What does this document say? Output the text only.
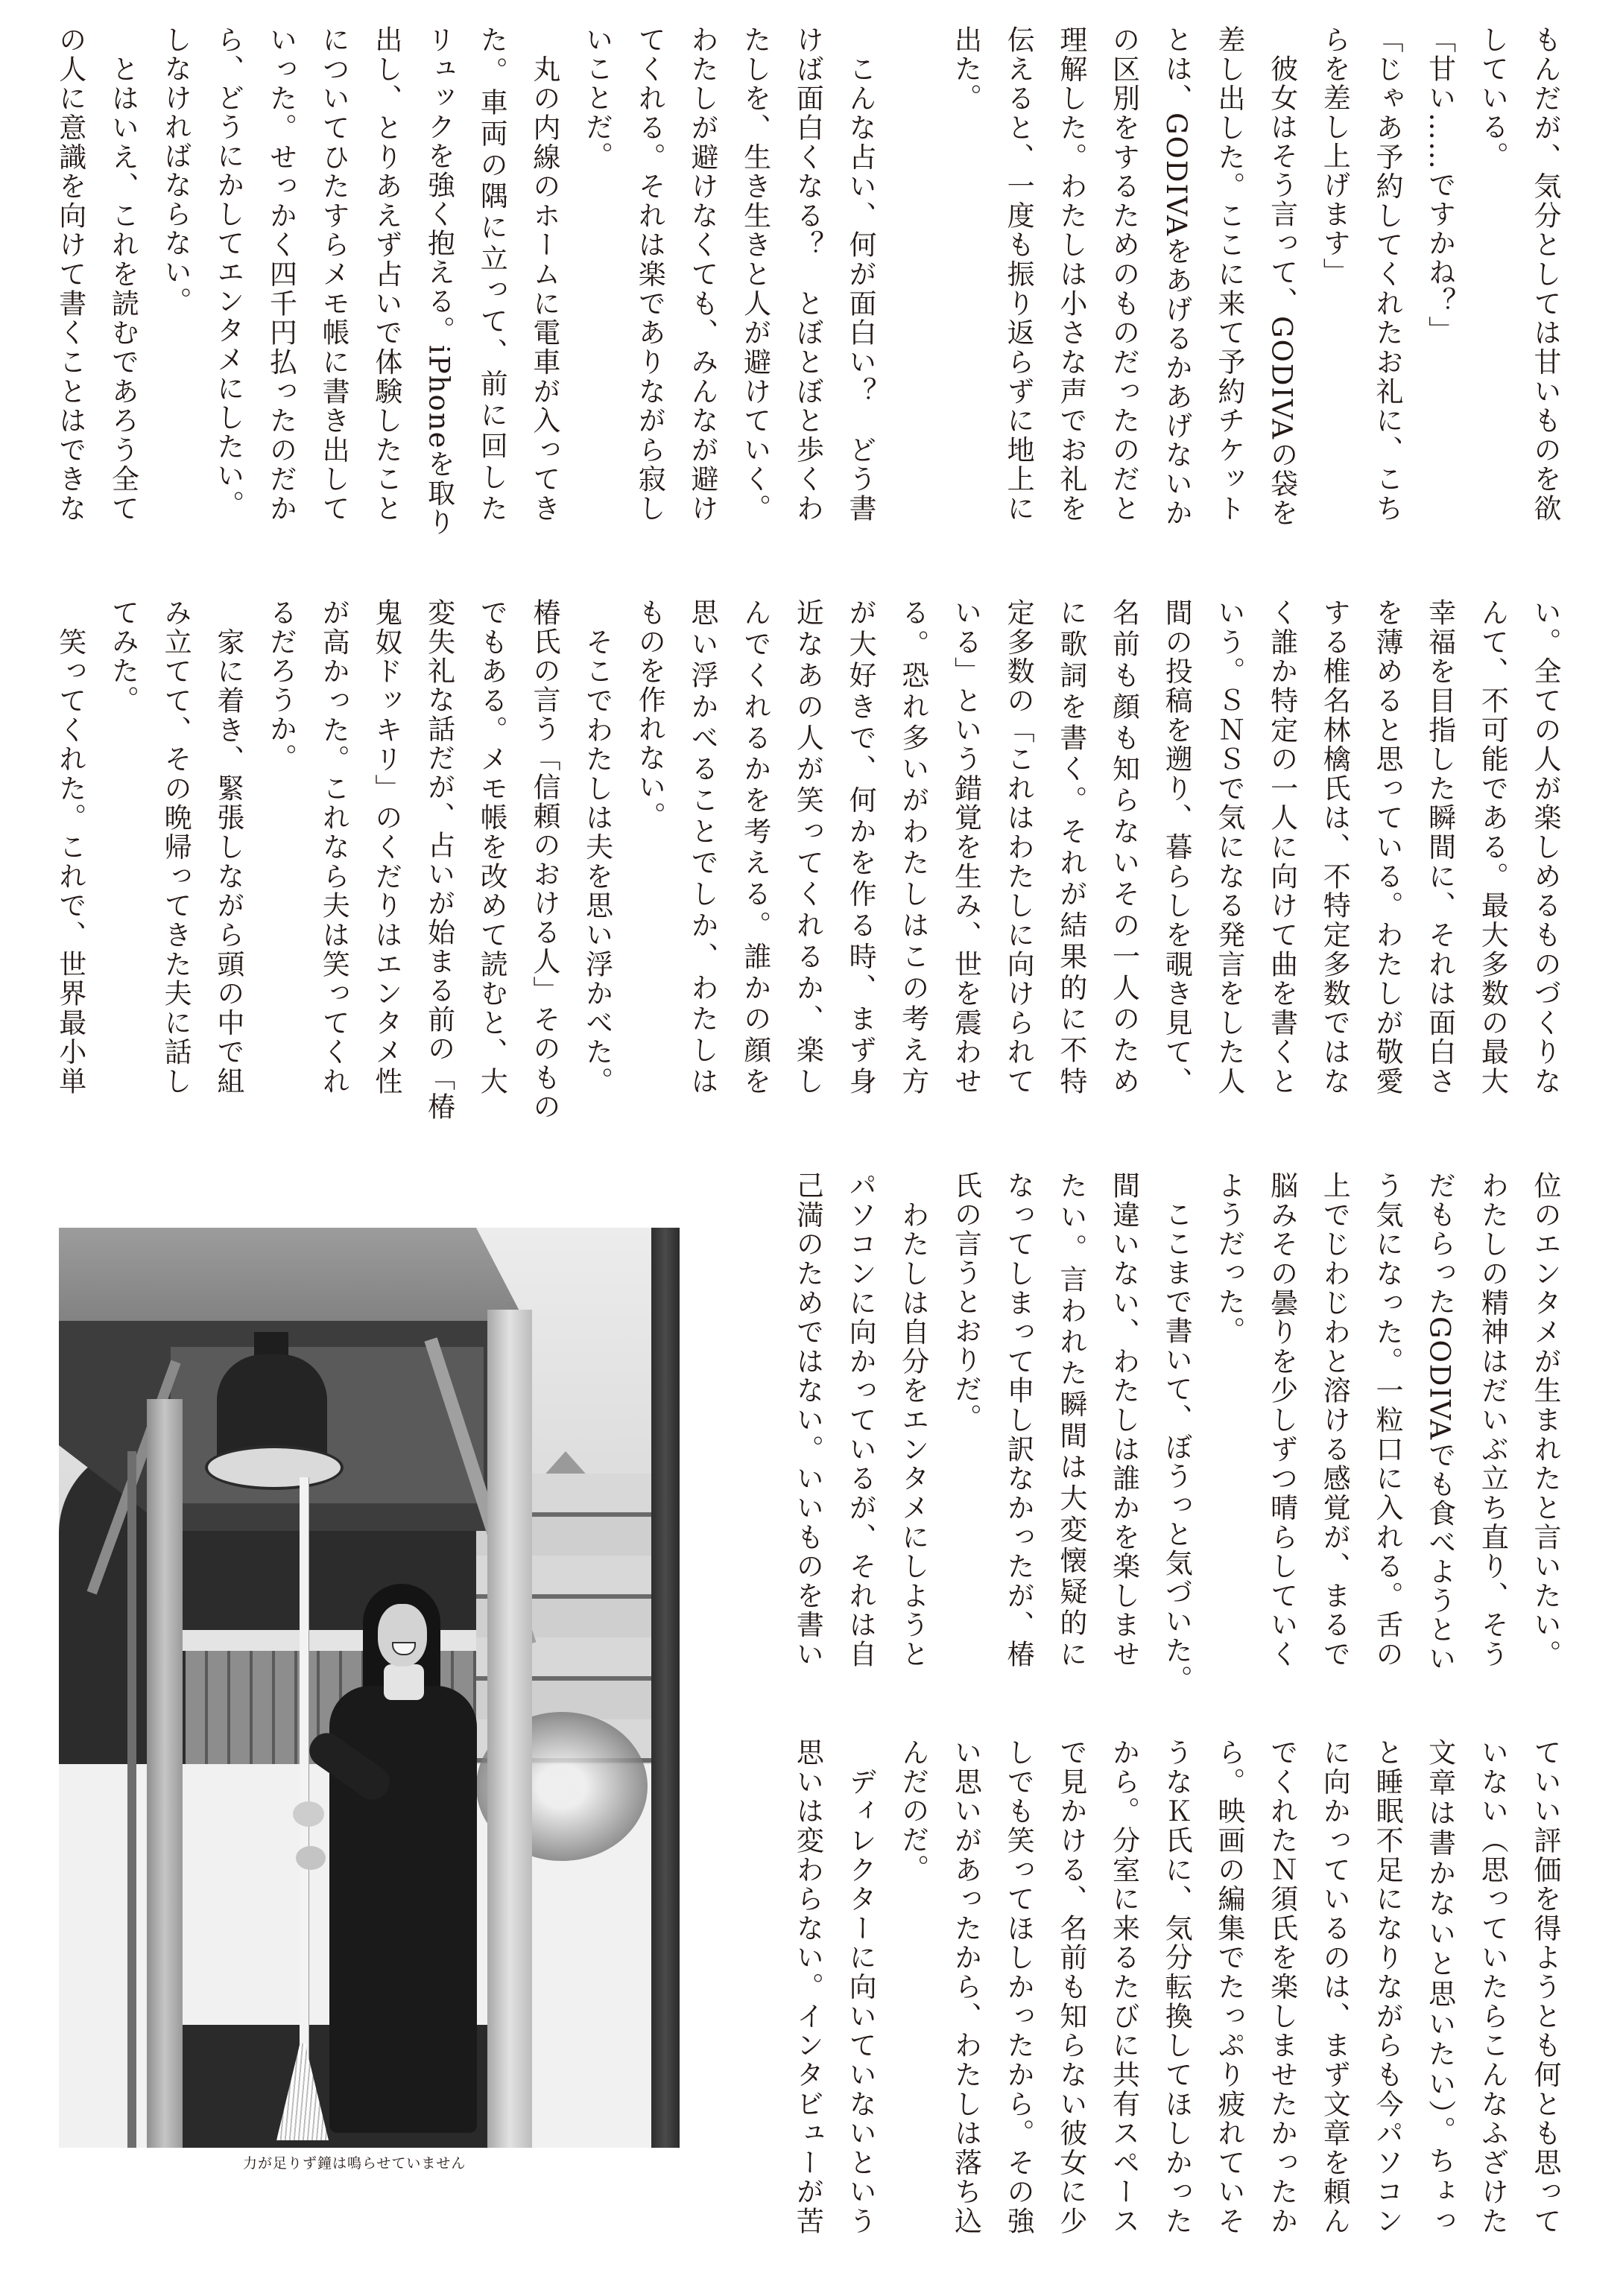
もんだが、気分としては甘いものを欲
している。
「甘い……ですかね？」
「じゃあ予約してくれたお礼に、こち
らを差し上げます」
　彼女はそう言って、GODIVAの袋を
差し出した。ここに来て予約チケット
とは、GODIVAをあげるかあげないか
の区別をするためのものだったのだと
理解した。わたしは小さな声でお礼を
伝えると、一度も振り返らずに地上に
出た。
　こんな占い、何が面白い？　どう書
けば面白くなる？　とぼとぼと歩くわ
たしを、生き生きと人が避けていく。
わたしが避けなくても、みんなが避け
てくれる。それは楽でありながら寂し
いことだ。
　丸の内線のホームに電車が入ってき
た。車両の隅に立って、前に回した
リュックを強く抱える。iPhoneを取り
出し、とりあえず占いで体験したこと
についてひたすらメモ帳に書き出して
いった。せっかく四千円払ったのだか
ら、どうにかしてエンタメにしたい。
しなければならない。
　とはいえ、これを読むであろう全て
の人に意識を向けて書くことはできな
い。全ての人が楽しめるものづくりな
んて、不可能である。最大多数の最大
幸福を目指した瞬間に、それは面白さ
を薄めると思っている。わたしが敬愛
する椎名林檎氏は、不特定多数ではな
く誰か特定の一人に向けて曲を書くと
いう。ＳＮＳで気になる発言をした人
間の投稿を遡り、暮らしを覗き見て、
名前も顔も知らないその一人のため
に歌詞を書く。それが結果的に不特
定多数の「これはわたしに向けられて
いる」という錯覚を生み、世を震わせ
る。恐れ多いがわたしはこの考え方
が大好きで、何かを作る時、まず身
近なあの人が笑ってくれるか、楽し
んでくれるかを考える。誰かの顔を
思い浮かべることでしか、わたしは
ものを作れない。
　そこでわたしは夫を思い浮かべた。
椿氏の言う「信頼のおける人」そのもの
でもある。メモ帳を改めて読むと、大
変失礼な話だが、占いが始まる前の「椿
鬼奴ドッキリ」のくだりはエンタメ性
が高かった。これなら夫は笑ってくれ
るだろうか。
　家に着き、緊張しながら頭の中で組
み立てて、その晩帰ってきた夫に話し
てみた。
　笑ってくれた。これで、世界最小単
位のエンタメが生まれたと言いたい。
わたしの精神はだいぶ立ち直り、そう
だもらったGODIVAでも食べようとい
う気になった。一粒口に入れる。舌の
上でじわじわと溶ける感覚が、まるで
脳みその曇りを少しずつ晴らしていく
ようだった。
　ここまで書いて、ぼうっと気づいた。
間違いない、わたしは誰かを楽しませ
たい。言われた瞬間は大変懐疑的に
なってしまって申し訳なかったが、椿
氏の言うとおりだ。
　わたしは自分をエンタメにしようと
パソコンに向かっているが、それは自
己満のためではない。いいものを書い
ていい評価を得ようとも何とも思って
いない（思っていたらこんなふざけた
文章は書かないと思いたい）。ちょっ
と睡眠不足になりながらも今パソコン
に向かっているのは、まず文章を頼ん
でくれたＮ須氏を楽しませたかったか
ら。映画の編集でたっぷり疲れていそ
うなＫ氏に、気分転換してほしかった
から。分室に来るたびに共有スペース
で見かける、名前も知らない彼女に少
しでも笑ってほしかったから。その強
い思いがあったから、わたしは落ち込
んだのだ。
　ディレクターに向いていないという
思いは変わらない。インタビューが苦
力が足りず鐘は鳴らせていません
